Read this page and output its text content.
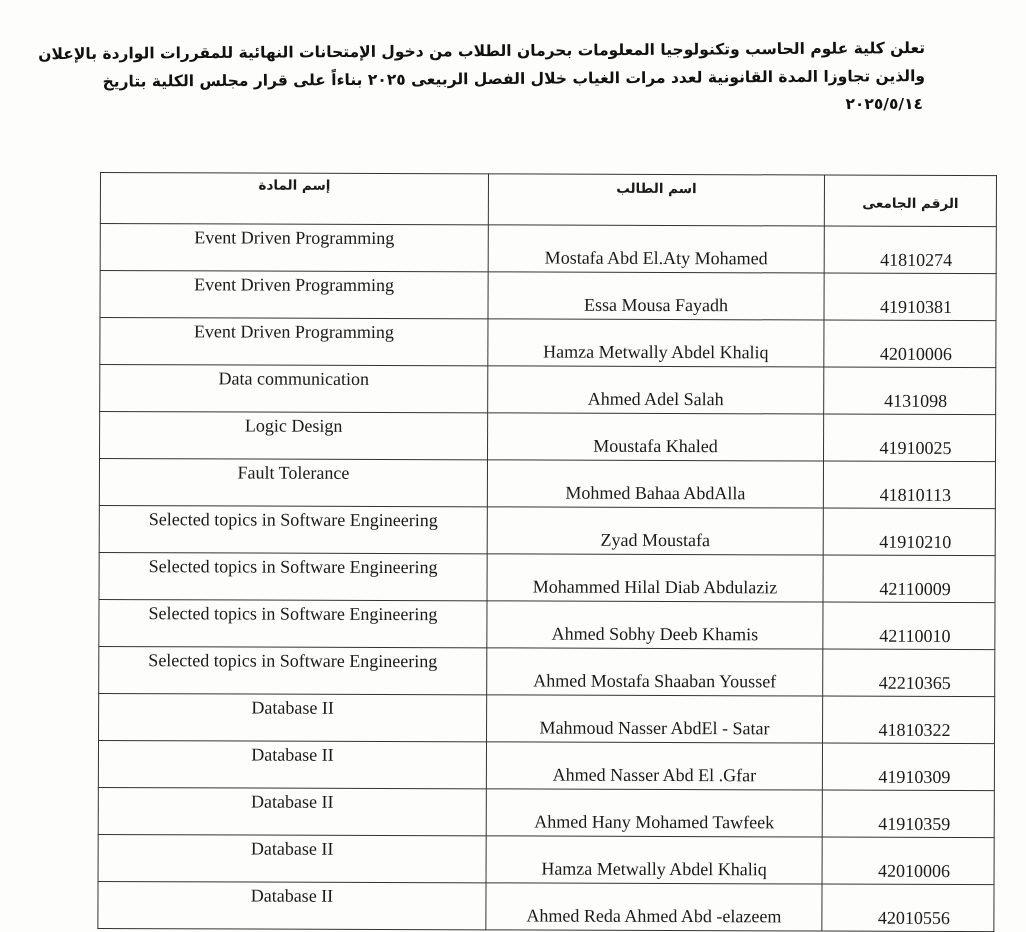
تعلن كلية علوم الحاسب وتكنولوجيا المعلومات بحرمان الطلاب من دخول الإمتحانات النهائية للمقررات الواردة بالإعلان
والذين تجاوزا المدة القانونية لعدد مرات الغياب خلال الفصل الربيعى ٢٠٢٥ بناءاً على قرار مجلس الكلية بتاريخ
٢٠٢٥/٥/١٤
إسم المادة	اسم الطالب	الرقم الجامعى
Event Driven Programming	Mostafa Abd El.Aty Mohamed	41810274
Event Driven Programming	Essa Mousa Fayadh	41910381
Event Driven Programming	Hamza Metwally Abdel Khaliq	42010006
Data communication	Ahmed Adel Salah	4131098
Logic Design	Moustafa Khaled	41910025
Fault Tolerance	Mohmed Bahaa AbdAlla	41810113
Selected topics in Software Engineering	Zyad Moustafa	41910210
Selected topics in Software Engineering	Mohammed Hilal Diab Abdulaziz	42110009
Selected topics in Software Engineering	Ahmed Sobhy Deeb Khamis	42110010
Selected topics in Software Engineering	Ahmed Mostafa Shaaban Youssef	42210365
Database II	Mahmoud Nasser AbdEl - Satar	41810322
Database II	Ahmed Nasser Abd El .Gfar	41910309
Database II	Ahmed Hany Mohamed Tawfeek	41910359
Database II	Hamza Metwally Abdel Khaliq	42010006
Database II	Ahmed Reda Ahmed Abd -elazeem	42010556
